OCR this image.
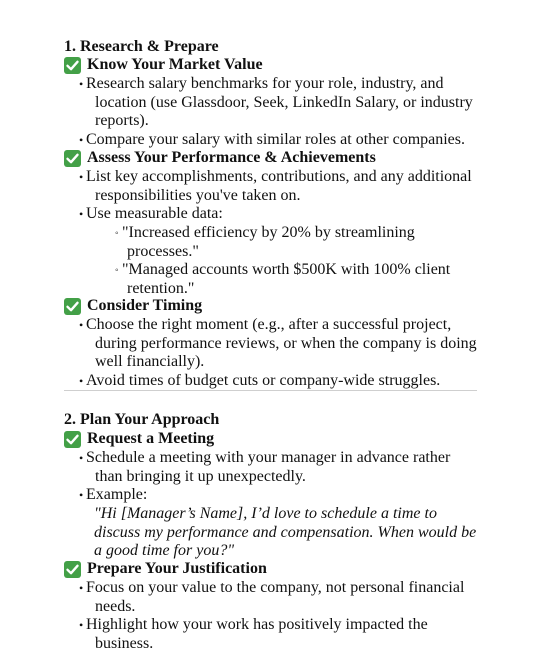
1. Research & Prepare
Know Your Market Value
• Research salary benchmarks for your role, industry, and
location (use Glassdoor, Seek, LinkedIn Salary, or industry
reports).
• Compare your salary with similar roles at other companies.
Assess Your Performance & Achievements
• List key accomplishments, contributions, and any additional
responsibilities you've taken on.
• Use measurable data:
◦ "Increased efficiency by 20% by streamlining
processes."
◦ "Managed accounts worth $500K with 100% client
retention."
Consider Timing
• Choose the right moment (e.g., after a successful project,
during performance reviews, or when the company is doing
well financially).
• Avoid times of budget cuts or company-wide struggles.
2. Plan Your Approach
Request a Meeting
• Schedule a meeting with your manager in advance rather
than bringing it up unexpectedly.
• Example:
"Hi [Manager’s Name], I’d love to schedule a time to
discuss my performance and compensation. When would be
a good time for you?"
Prepare Your Justification
• Focus on your value to the company, not personal financial
needs.
• Highlight how your work has positively impacted the
business.
